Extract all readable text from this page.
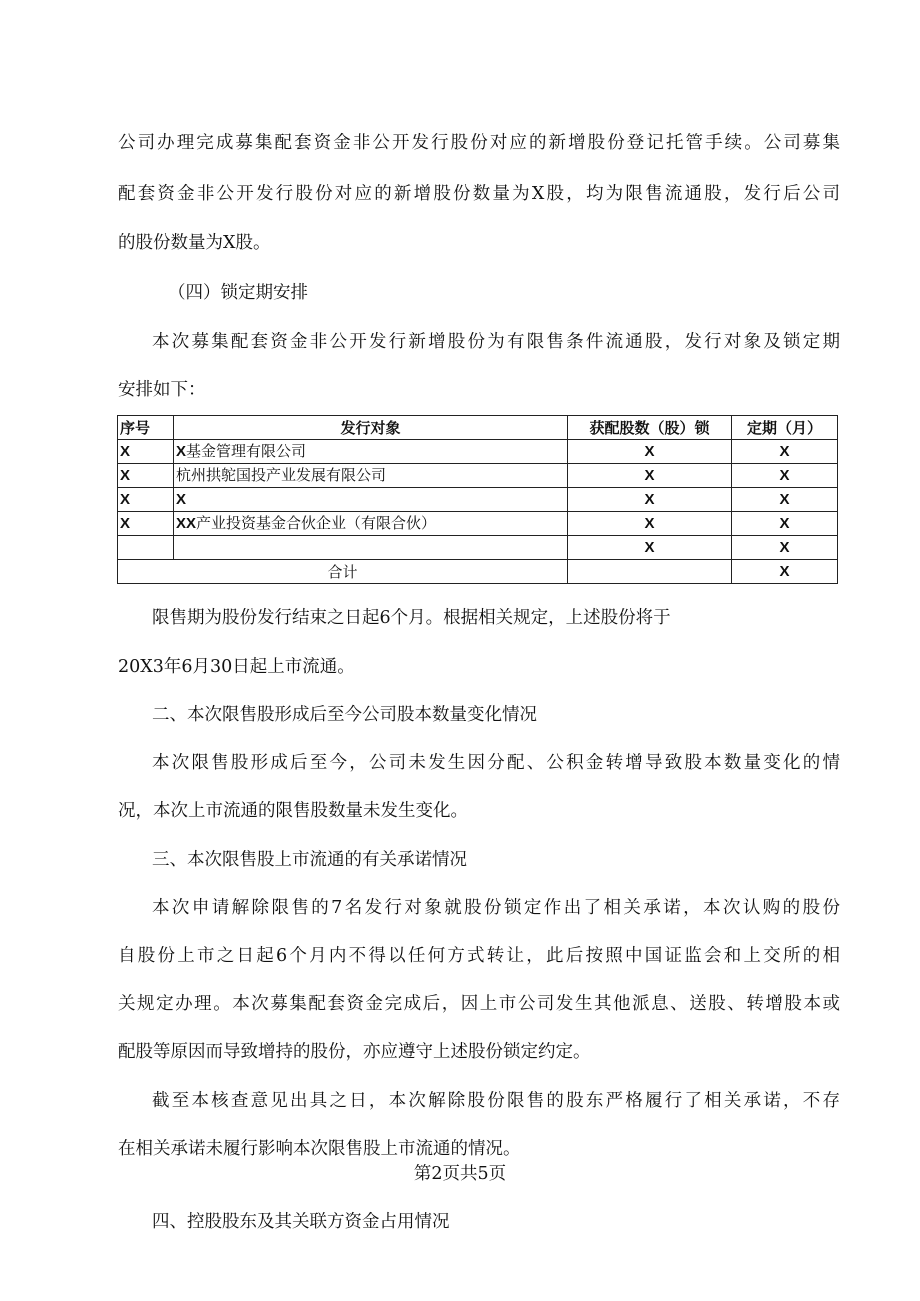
公司办理完成募集配套资金非公开发行股份对应的新增股份登记托管手续。公司募集

配套资金非公开发行股份对应的新增股份数量为X股，均为限售流通股，发行后公司

的股份数量为X股。

（四）锁定期安排

本次募集配套资金非公开发行新增股份为有限售条件流通股，发行对象及锁定期

安排如下：

序号	发行对象	获配股数（股）锁	定期（月）
X	X基金管理有限公司	X	X
X	杭州拱鸵国投产业发展有限公司	X	X
X	X	X	X
X	XX产业投资基金合伙企业（有限合伙）	X	X
		X	X
合计			X

限售期为股份发行结束之日起6个月。根据相关规定，上述股份将于

20X3年6月30日起上市流通。

二、本次限售股形成后至今公司股本数量变化情况

本次限售股形成后至今，公司未发生因分配、公积金转增导致股本数量变化的情

况，本次上市流通的限售股数量未发生变化。

三、本次限售股上市流通的有关承诺情况

本次申请解除限售的7名发行对象就股份锁定作出了相关承诺，本次认购的股份

自股份上市之日起6个月内不得以任何方式转让，此后按照中国证监会和上交所的相

关规定办理。本次募集配套资金完成后，因上市公司发生其他派息、送股、转增股本或

配股等原因而导致增持的股份，亦应遵守上述股份锁定约定。

截至本核查意见出具之日，本次解除股份限售的股东严格履行了相关承诺，不存

在相关承诺未履行影响本次限售股上市流通的情况。

第2页共5页

四、控股股东及其关联方资金占用情况
